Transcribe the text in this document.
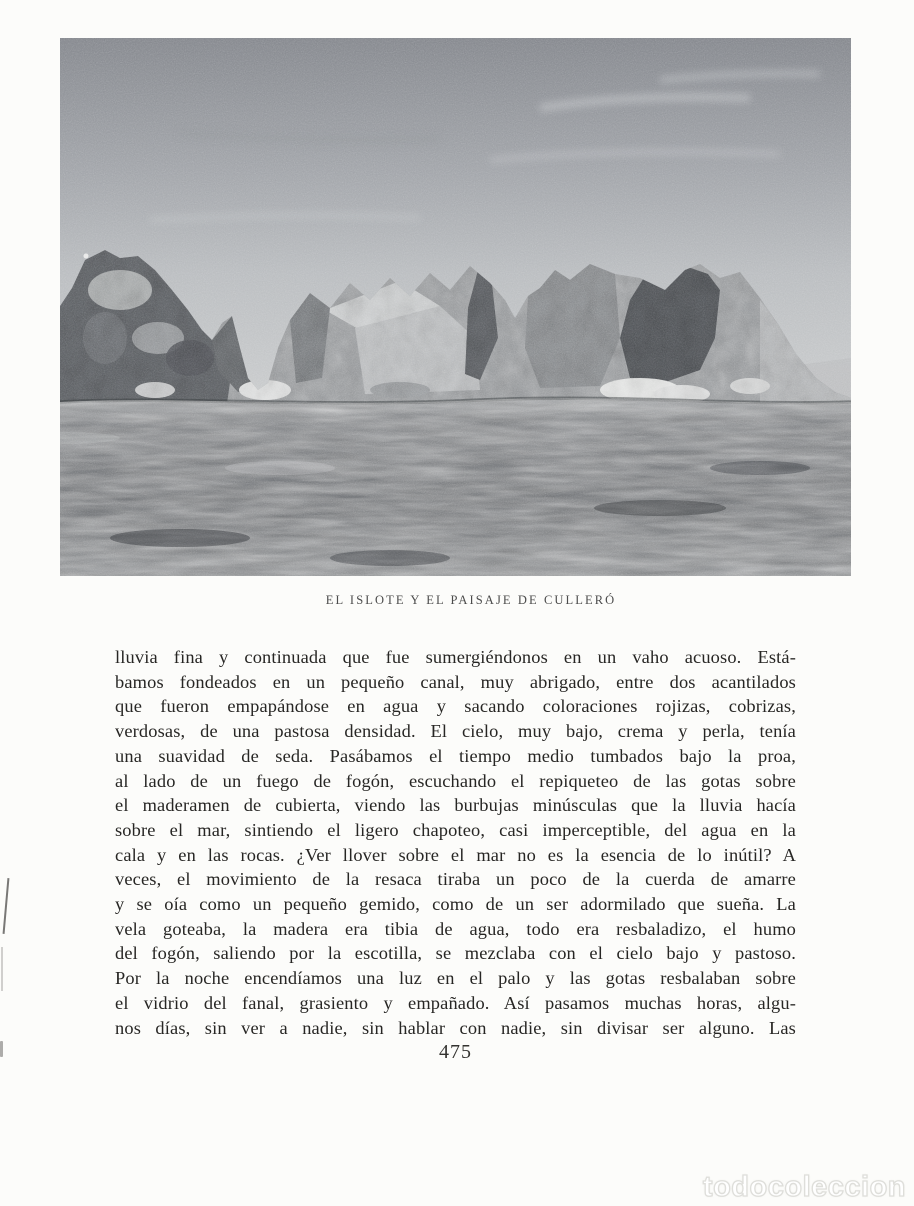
EL ISLOTE Y EL PAISAJE DE CULLERÓ
lluvia fina y continuada que fue sumergiéndonos en un vaho acuoso. Está-
bamos fondeados en un pequeño canal, muy abrigado, entre dos acantilados
que fueron empapándose en agua y sacando coloraciones rojizas, cobrizas,
verdosas, de una pastosa densidad. El cielo, muy bajo, crema y perla, tenía
una suavidad de seda. Pasábamos el tiempo medio tumbados bajo la proa,
al lado de un fuego de fogón, escuchando el repiqueteo de las gotas sobre
el maderamen de cubierta, viendo las burbujas minúsculas que la lluvia hacía
sobre el mar, sintiendo el ligero chapoteo, casi imperceptible, del agua en la
cala y en las rocas. ¿Ver llover sobre el mar no es la esencia de lo inútil? A
veces, el movimiento de la resaca tiraba un poco de la cuerda de amarre
y se oía como un pequeño gemido, como de un ser adormilado que sueña. La
vela goteaba, la madera era tibia de agua, todo era resbaladizo, el humo
del fogón, saliendo por la escotilla, se mezclaba con el cielo bajo y pastoso.
Por la noche encendíamos una luz en el palo y las gotas resbalaban sobre
el vidrio del fanal, grasiento y empañado. Así pasamos muchas horas, algu-
nos días, sin ver a nadie, sin hablar con nadie, sin divisar ser alguno. Las
475
todocoleccion
